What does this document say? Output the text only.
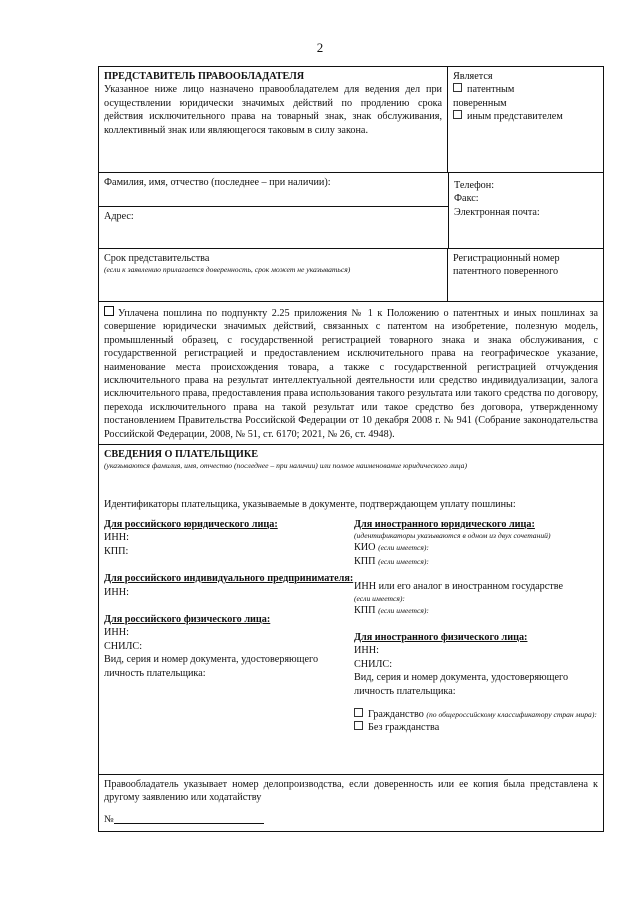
2
ПРЕДСТАВИТЕЛЬ ПРАВООБЛАДАТЕЛЯ
Указанное ниже лицо назначено правообладателем для ведения дел при осуществлении юридически значимых действий по продлению срока действия исключительного права на товарный знак, знак обслуживания, коллективный знак или являющегося таковым в силу закона.
Является
патентным
поверенным
иным представителем
Фамилия, имя, отчество (последнее – при наличии):
Адрес:
Телефон:
Факс:
Электронная почта:
Срок представительства
(если к заявлению прилагается доверенность, срок может не указываться)
Регистрационный номер патентного поверенного
Уплачена пошлина по подпункту 2.25 приложения № 1 к Положению о патентных и иных пошлинах за совершение юридически значимых действий, связанных с патентом на изобретение, полезную модель, промышленный образец, с государственной регистрацией товарного знака и знака обслуживания, с государственной регистрацией и предоставлением исключительного права на географическое указание, наименование места происхождения товара, а также с государственной регистрацией отчуждения исключительного права на результат интеллектуальной деятельности или средство индивидуализации, залога исключительного права, предоставления права использования такого результата или такого средства по договору, перехода исключительного права на такой результат или такое средство без договора, утвержденному постановлением Правительства Российской Федерации от 10 декабря 2008 г. № 941 (Собрание законодательства Российской Федерации, 2008, № 51, ст. 6170; 2021, № 26, ст. 4948).
СВЕДЕНИЯ О ПЛАТЕЛЬЩИКЕ
(указываются фамилия, имя, отчество (последнее – при наличии) или полное наименование юридического лица)
Идентификаторы плательщика, указываемые в документе, подтверждающем уплату пошлины:
Для российского юридического лица:
ИНН:
КПП:
Для российского индивидуального предпринимателя:
ИНН:
Для российского физического лица:
ИНН:
СНИЛС:
Вид, серия и номер документа, удостоверяющего личность плательщика:
Для иностранного юридического лица:
(идентификаторы указываются в одном из двух сочетаний)
КИО (если имеется):
КПП (если имеется):
ИНН или его аналог в иностранном государстве
(если имеется):
КПП (если имеется):
Для иностранного физического лица:
ИНН:
СНИЛС:
Вид, серия и номер документа, удостоверяющего личность плательщика:
Гражданство (по общероссийскому классификатору стран мира):
Без гражданства
Правообладатель указывает номер делопроизводства, если доверенность или ее копия была представлена к другому заявлению или ходатайству
№
